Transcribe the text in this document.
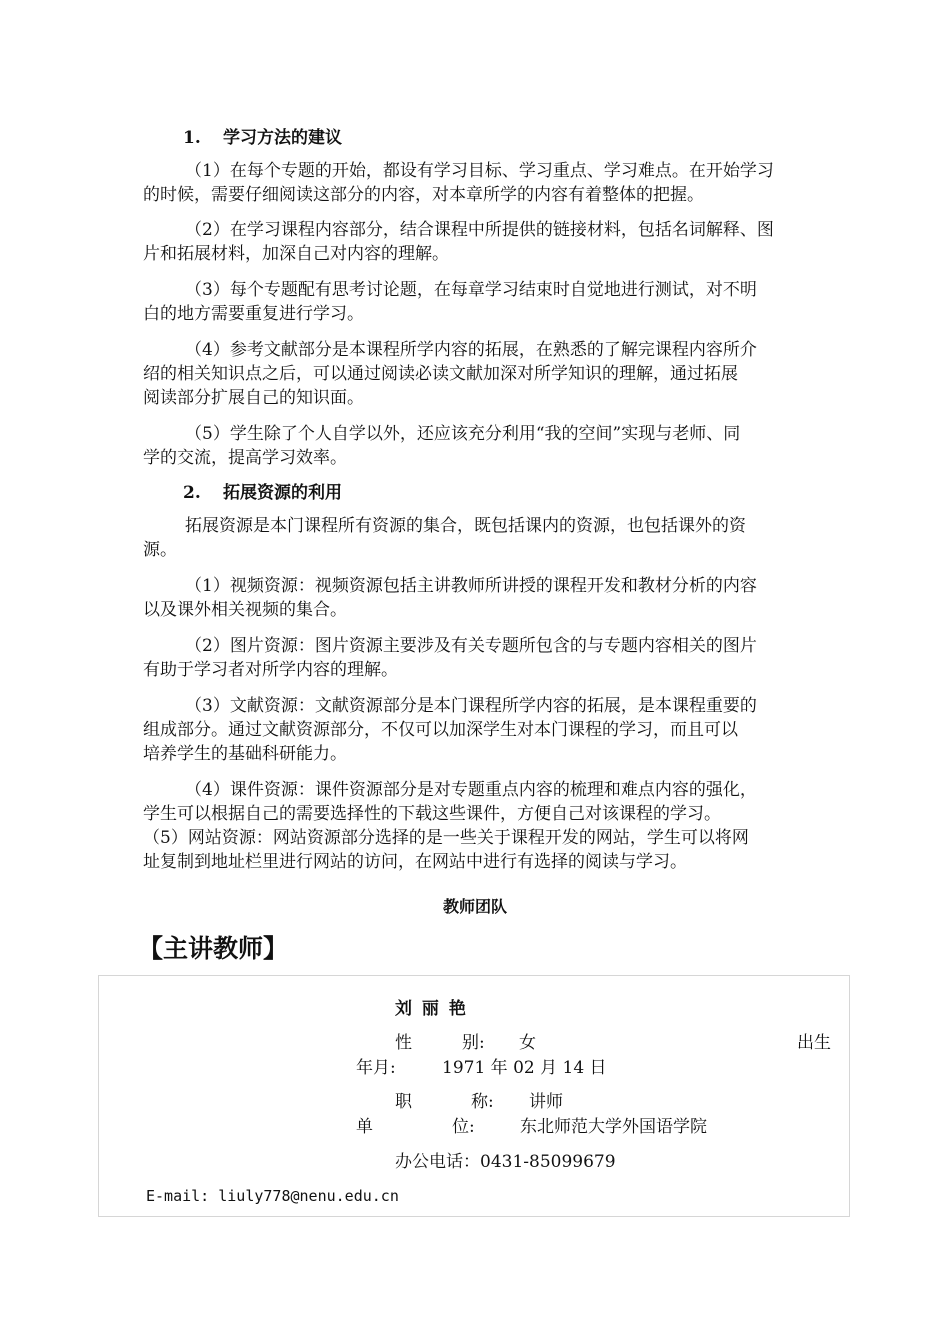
1. 学习方法的建议
（1）在每个专题的开始，都设有学习目标、学习重点、学习难点。在开始学习
的时候，需要仔细阅读这部分的内容，对本章所学的内容有着整体的把握。
（2）在学习课程内容部分，结合课程中所提供的链接材料，包括名词解释、图
片和拓展材料，加深自己对内容的理解。
（3）每个专题配有思考讨论题，在每章学习结束时自觉地进行测试，对不明
白的地方需要重复进行学习。
（4）参考文献部分是本课程所学内容的拓展，在熟悉的了解完课程内容所介
绍的相关知识点之后，可以通过阅读必读文献加深对所学知识的理解，通过拓展
阅读部分扩展自己的知识面。
（5）学生除了个人自学以外，还应该充分利用“我的空间”实现与老师、同
学的交流，提高学习效率。
2. 拓展资源的利用
拓展资源是本门课程所有资源的集合，既包括课内的资源，也包括课外的资
源。
（1）视频资源：视频资源包括主讲教师所讲授的课程开发和教材分析的内容
以及课外相关视频的集合。
（2）图片资源：图片资源主要涉及有关专题所包含的与专题内容相关的图片
有助于学习者对所学内容的理解。
（3）文献资源：文献资源部分是本门课程所学内容的拓展，是本课程重要的
组成部分。通过文献资源部分，不仅可以加深学生对本门课程的学习，而且可以
培养学生的基础科研能力。
（4）课件资源：课件资源部分是对专题重点内容的梳理和难点内容的强化，
学生可以根据自己的需要选择性的下载这些课件，方便自己对该课程的学习。
（5）网站资源：网站资源部分选择的是一些关于课程开发的网站，学生可以将网
址复制到地址栏里进行网站的访问，在网站中进行有选择的阅读与学习。
教师团队
【主讲教师】
刘 丽 艳
性	别: 女	出生
年月:	1971 年 02 月 14 日
职	称: 讲师
单	位:	东北师范大学外国语学院
办公电话：0431-85099679
E-mail: liuly778@nenu.edu.cn
